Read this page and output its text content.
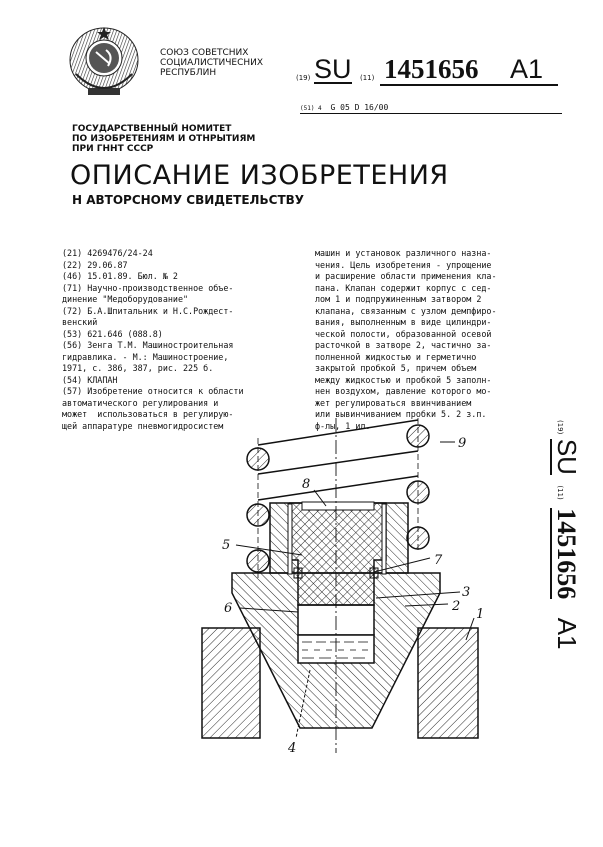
СОЮЗ СОВЕТСНИХ
СОЦИАЛИСТИЧЕСНИХ
РЕСПУБЛИН	(19) SU (11) 1451656 A1
(51) 4 G 05 D 16/00
ГОСУДАРСТВЕННЫЙ НОМИТЕТ
ПО ИЗОБРЕТЕНИЯМ И ОТНРЫТИЯМ
ПРИ ГННТ СССР
ОПИСАНИЕ ИЗОБРЕТЕНИЯ
Н АВТОРСНОМУ СВИДЕТЕЛЬСТВУ
(21) 4269476/24-24
(22) 29.06.87
(46) 15.01.89. Бюл. № 2
(71) Научно-производственное объе-
динение "Медоборудование"
(72) Б.А.Шпитальник и Н.С.Рождест-
венский
(53) 621.646 (088.8)
(56) Зенга Т.М. Машиностроительная
гидравлика. - М.: Машиностроение,
1971, с. 386, 387, рис. 225 б.
(54) КЛАПАН
(57) Изобретение относится к области
автоматического регулирования и
может  использоваться в регулирую-
щей аппаратуре пневмогидросистем
машин и установок различного назна-
чения. Цель изобретения - упрощение
и расширение области применения кла-
пана. Клапан содержит корпус с сед-
лом 1 и подпружиненным затвором 2
клапана, связанным с узлом демпфиро-
вания, выполненным в виде цилиндри-
ческой полости, образованной осевой
расточкой в затворе 2, частично за-
полненной жидкостью и герметично
закрытой пробкой 5, причем объем
между жидкостью и пробкой 5 заполн-
нен воздухом, давление которого мо-
жет регулироваться ввинчиванием
или вывинчиванием пробки 5. 2 з.п.
ф-лы, 1 ил.	(19) SU (11) 1451656 A1
9
8
5
7
3
2
1
6
4
